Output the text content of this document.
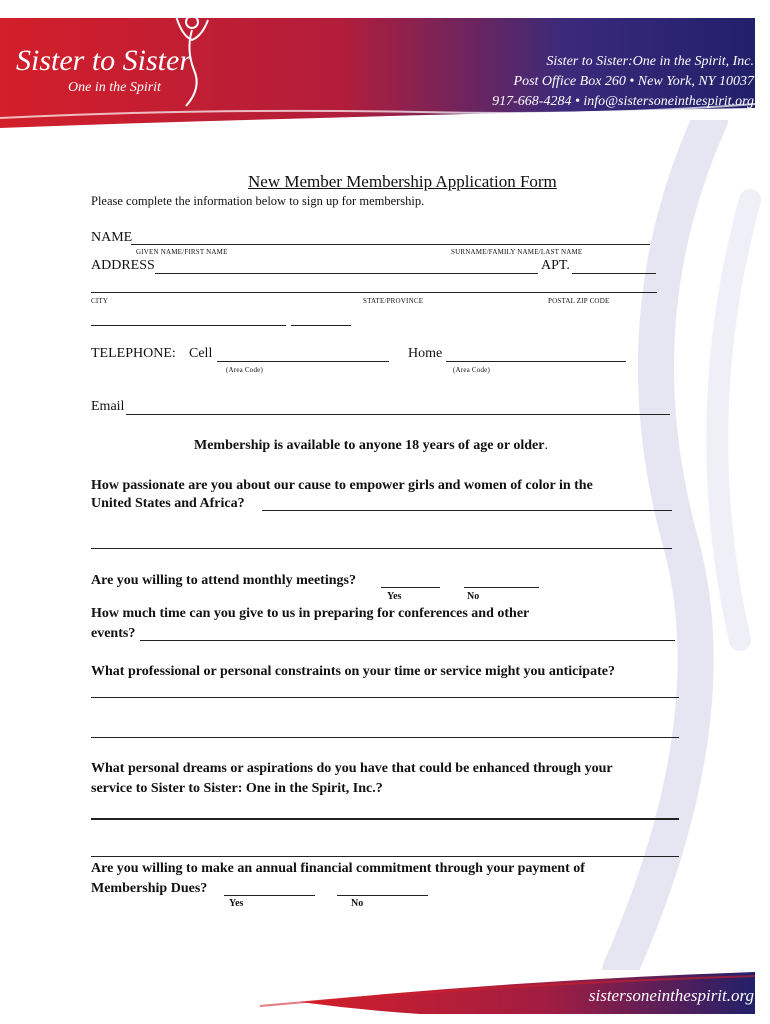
Sister to Sister
One in the Spirit
Sister to Sister:One in the Spirit, Inc.
Post Office Box 260 • New York, NY 10037
917-668-4284 • info@sistersoneinthespirit.org
New Member Membership Application Form
Please complete the information below to sign up for membership.
NAME
GIVEN NAME/FIRST NAME	SURNAME/FAMILY NAME/LAST NAME
ADDRESS	APT.
CITY	STATE/PROVINCE	POSTAL ZIP CODE
TELEPHONE: Cell
(Area Code)
Home
(Area Code)
Email
Membership is available to anyone 18 years of age or older.
How passionate are you about our cause to empower girls and women of color in the
United States and Africa?
Are you willing to attend monthly meetings?
Yes	No
How much time can you give to us in preparing for conferences and other
events?
What professional or personal constraints on your time or service might you anticipate?
What personal dreams or aspirations do you have that could be enhanced through your
service to Sister to Sister: One in the Spirit, Inc.?
Are you willing to make an annual financial commitment through your payment of
Membership Dues?
Yes	No
sistersoneinthespirit.org
